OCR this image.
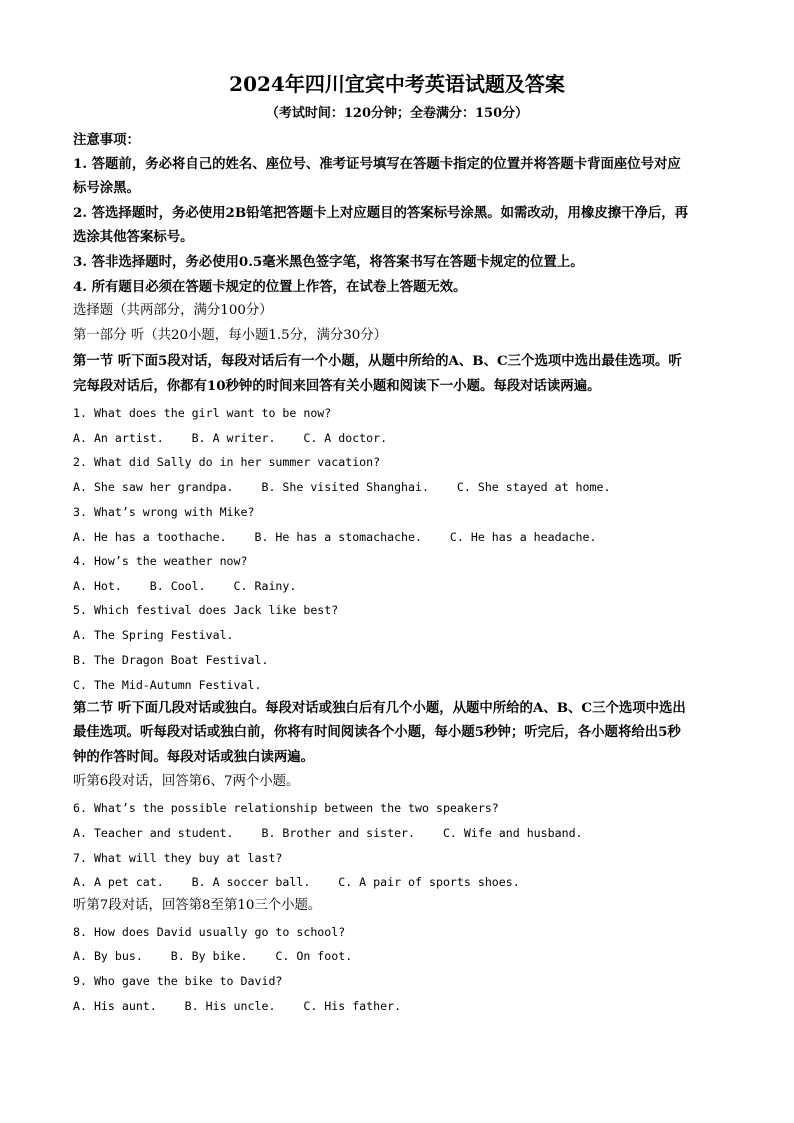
2024年四川宜宾中考英语试题及答案
（考试时间：120分钟；全卷满分：150分）
注意事项：
1. 答题前，务必将自己的姓名、座位号、准考证号填写在答题卡指定的位置并将答题卡背面座位号对应
标号涂黑。
2. 答选择题时，务必使用2B铅笔把答题卡上对应题目的答案标号涂黑。如需改动，用橡皮擦干净后，再
选涂其他答案标号。
3. 答非选择题时，务必使用0.5毫米黑色签字笔，将答案书写在答题卡规定的位置上。
4. 所有题目必须在答题卡规定的位置上作答，在试卷上答题无效。
选择题（共两部分，满分100分）
第一部分 听（共20小题，每小题1.5分，满分30分）
第一节 听下面5段对话，每段对话后有一个小题，从题中所给的A、B、C三个选项中选出最佳选项。听
完每段对话后，你都有10秒钟的时间来回答有关小题和阅读下一小题。每段对话读两遍。
1. What does the girl want to be now?
A. An artist.    B. A writer.    C. A doctor.
2. What did Sally do in her summer vacation?
A. She saw her grandpa.    B. She visited Shanghai.    C. She stayed at home.
3. What’s wrong with Mike?
A. He has a toothache.    B. He has a stomachache.    C. He has a headache.
4. How’s the weather now?
A. Hot.    B. Cool.    C. Rainy.
5. Which festival does Jack like best?
A. The Spring Festival.
B. The Dragon Boat Festival.
C. The Mid-Autumn Festival.
第二节 听下面几段对话或独白。每段对话或独白后有几个小题，从题中所给的A、B、C三个选项中选出
最佳选项。听每段对话或独白前，你将有时间阅读各个小题，每小题5秒钟；听完后，各小题将给出5秒
钟的作答时间。每段对话或独白读两遍。
听第6段对话，回答第6、7两个小题。
6. What’s the possible relationship between the two speakers?
A. Teacher and student.    B. Brother and sister.    C. Wife and husband.
7. What will they buy at last?
A. A pet cat.    B. A soccer ball.    C. A pair of sports shoes.
听第7段对话，回答第8至第10三个小题。
8. How does David usually go to school?
A. By bus.    B. By bike.    C. On foot.
9. Who gave the bike to David?
A. His aunt.    B. His uncle.    C. His father.
